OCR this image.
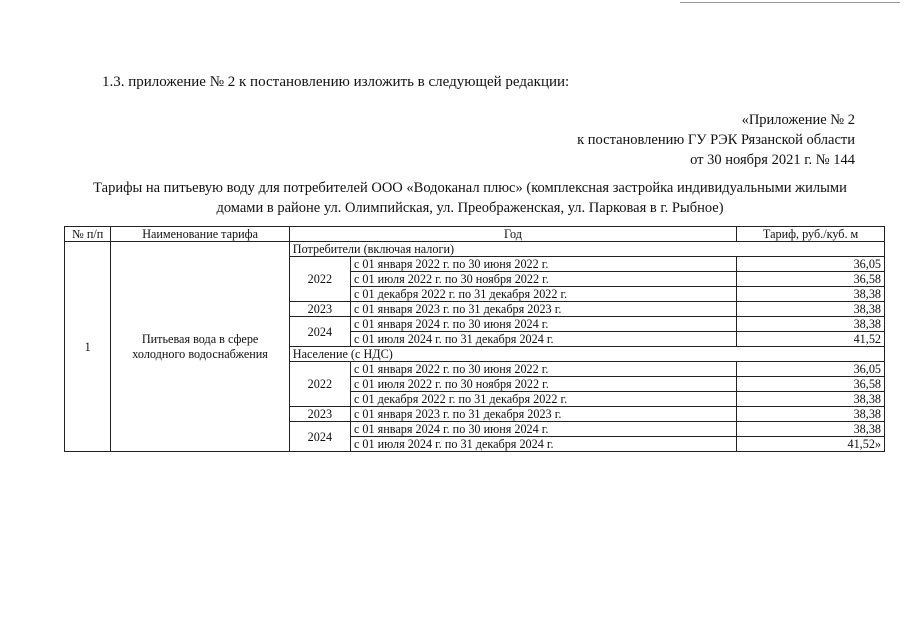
1.3. приложение № 2 к постановлению изложить в следующей редакции:
«Приложение № 2
к постановлению ГУ РЭК Рязанской области
от 30 ноября 2021 г. № 144
Тарифы на питьевую воду для потребителей ООО «Водоканал плюс» (комплексная застройка индивидуальными жилыми
домами в районе ул. Олимпийская, ул. Преображенская, ул. Парковая в г. Рыбное)
№ п/п	Наименование тарифа	Год		Тариф, руб./куб. м
1	Питьевая вода в сфере холодного водоснабжения	Потребители (включая налоги)		
		2022	с 01 января 2022 г. по 30 июня 2022 г.	36,05
			с 01 июля 2022 г. по 30 ноября 2022 г.	36,58
			с 01 декабря 2022 г. по 31 декабря 2022 г.	38,38
		2023	с 01 января 2023 г. по 31 декабря 2023 г.	38,38
		2024	с 01 января 2024 г. по 30 июня 2024 г.	38,38
			с 01 июля 2024 г. по 31 декабря 2024 г.	41,52
		Население (с НДС)		
		2022	с 01 января 2022 г. по 30 июня 2022 г.	36,05
			с 01 июля 2022 г. по 30 ноября 2022 г.	36,58
			с 01 декабря 2022 г. по 31 декабря 2022 г.	38,38
		2023	с 01 января 2023 г. по 31 декабря 2023 г.	38,38
		2024	с 01 января 2024 г. по 30 июня 2024 г.	38,38
			с 01 июля 2024 г. по 31 декабря 2024 г.	41,52»
